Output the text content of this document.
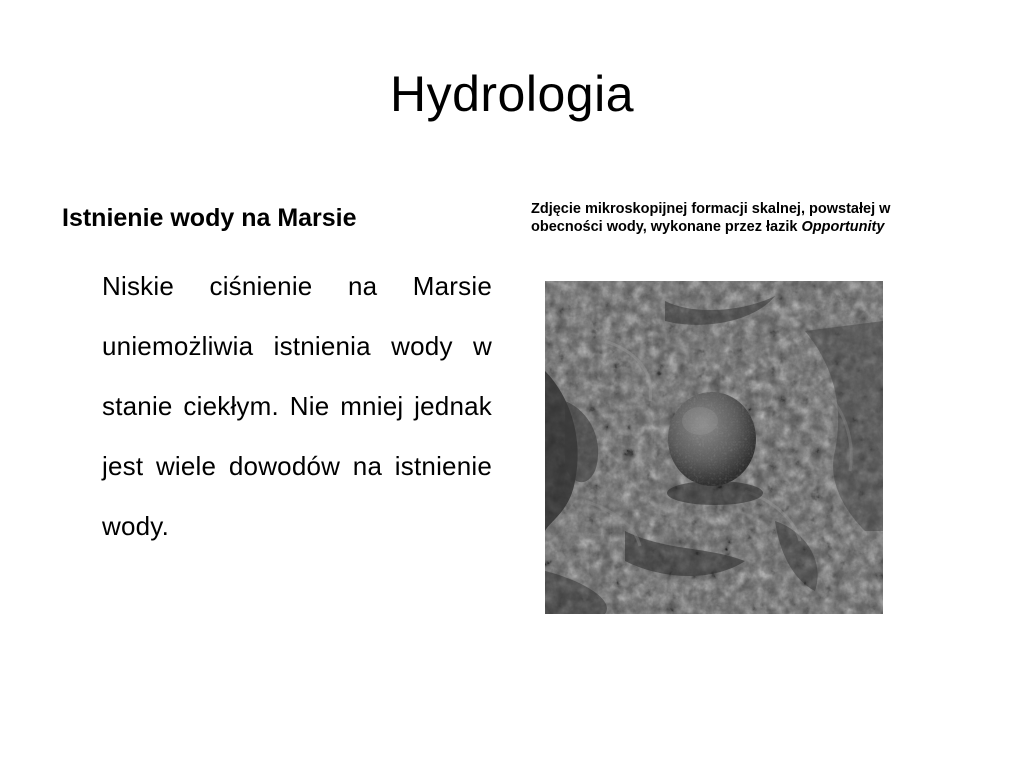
Hydrologia
Istnienie wody na Marsie
Niskie ciśnienie na Marsie uniemożliwia istnienia wody w stanie ciekłym. Nie mniej jednak jest wiele dowodów na istnienie wody.
Zdjęcie mikroskopijnej formacji skalnej, powstałej w obecności wody, wykonane przez łazik Opportunity
